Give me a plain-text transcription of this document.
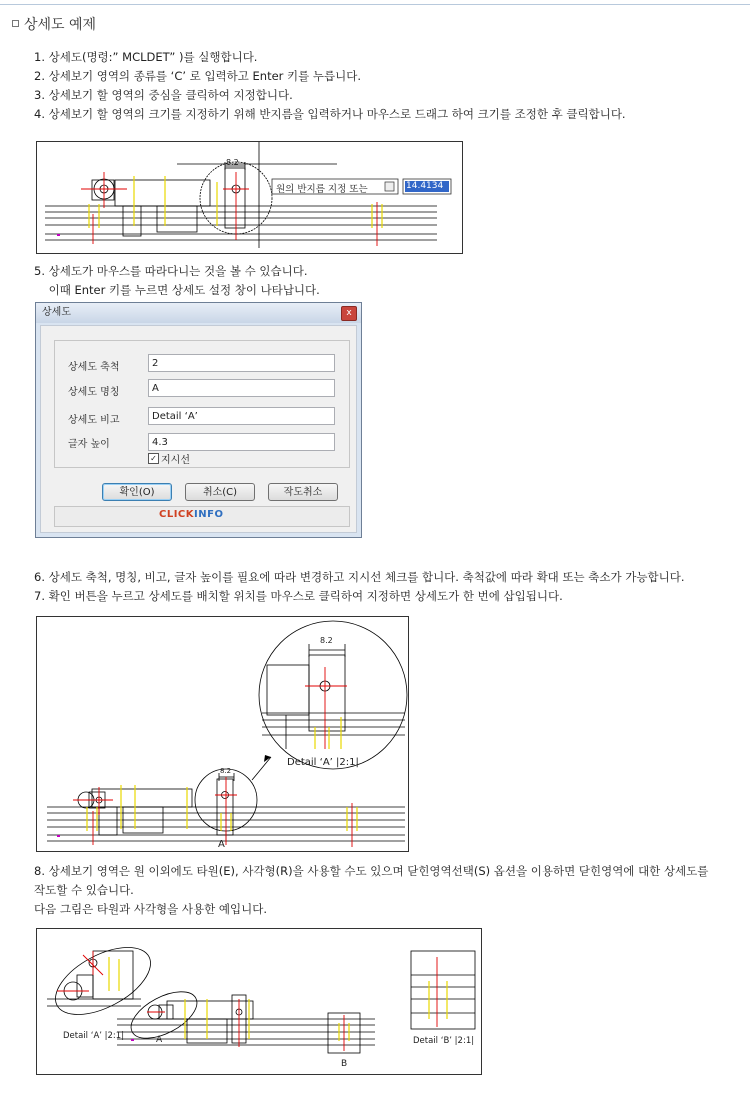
상세도 예제

1. 상세도(명령:” MCLDET” )를 실행합니다.

2. 상세보기 영역의 종류를 ‘C’ 로 입력하고 Enter 키를 누릅니다.

3. 상세보기 할 영역의 중심을 클릭하여 지정합니다.

4. 상세보기 할 영역의 크기를 지정하기 위해 반지름을 입력하거나 마우스로 드래그 하여 크기를 조정한 후 클릭합니다.

8.2
원의 반지름 지정 또는	14.4134

5. 상세도가 마우스를 따라다니는 것을 볼 수 있습니다.

이때 Enter 키를 누르면 상세도 설정 창이 나타납니다.

상세도	x
상세도 축척	2
상세도 명칭	A
상세도 비고	Detail ‘A’
글자 높이	4.3
✓ 지시선
확인(O)	취소(C)	작도취소
CLICKINFO

6. 상세도 축척, 명칭, 비고, 글자 높이를 필요에 따라 변경하고 지시선 체크를 합니다. 축척값에 따라 확대 또는 축소가 가능합니다.

7. 확인 버튼을 누르고 상세도를 배치할 위치를 마우스로 클릭하여 지정하면 상세도가 한 번에 삽입됩니다.

8.2
8.2
Detail ‘A’ |2:1|
A

8. 상세보기 영역은 원 이외에도 타원(E), 사각형(R)을 사용할 수도 있으며 닫힌영역선택(S) 옵션을 이용하면 닫힌영역에 대한 상세도를

작도할 수 있습니다.

다음 그림은 타원과 사각형을 사용한 예입니다.

Detail ‘A’ |2:1|	A
B
Detail ‘B’ |2:1|
